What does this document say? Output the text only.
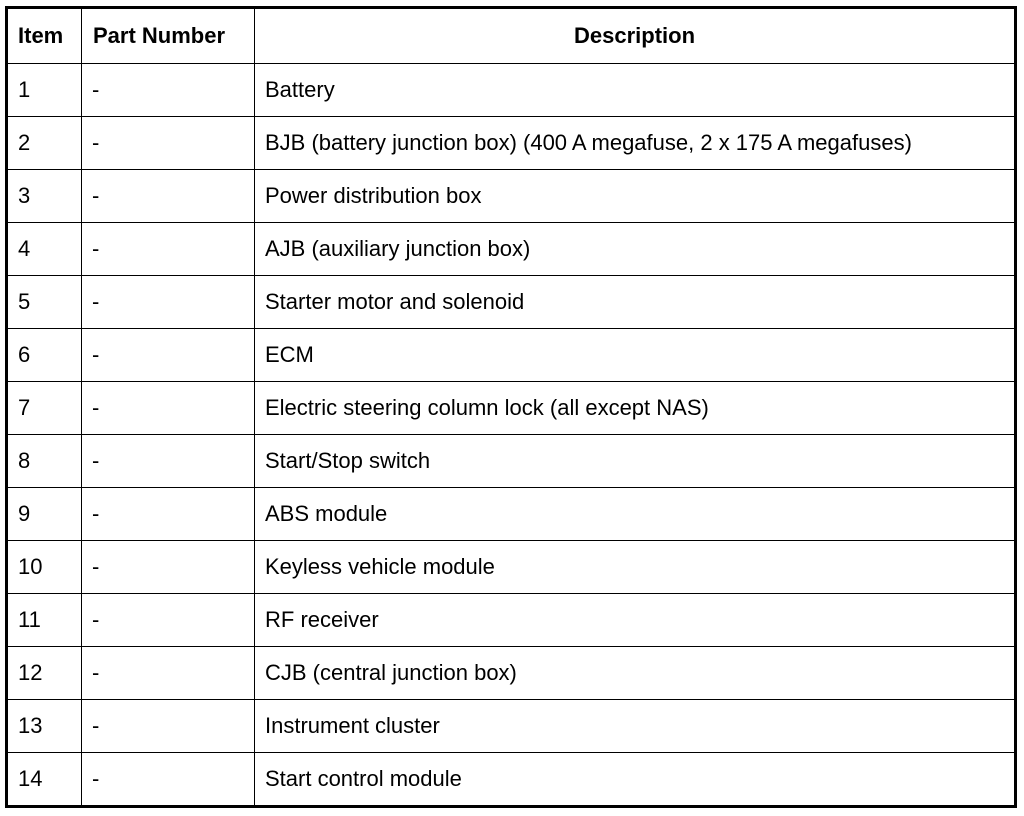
Item	Part Number	Description
1	-	Battery
2	-	BJB (battery junction box) (400 A megafuse, 2 x 175 A megafuses)
3	-	Power distribution box
4	-	AJB (auxiliary junction box)
5	-	Starter motor and solenoid
6	-	ECM
7	-	Electric steering column lock (all except NAS)
8	-	Start/Stop switch
9	-	ABS module
10	-	Keyless vehicle module
11	-	RF receiver
12	-	CJB (central junction box)
13	-	Instrument cluster
14	-	Start control module
